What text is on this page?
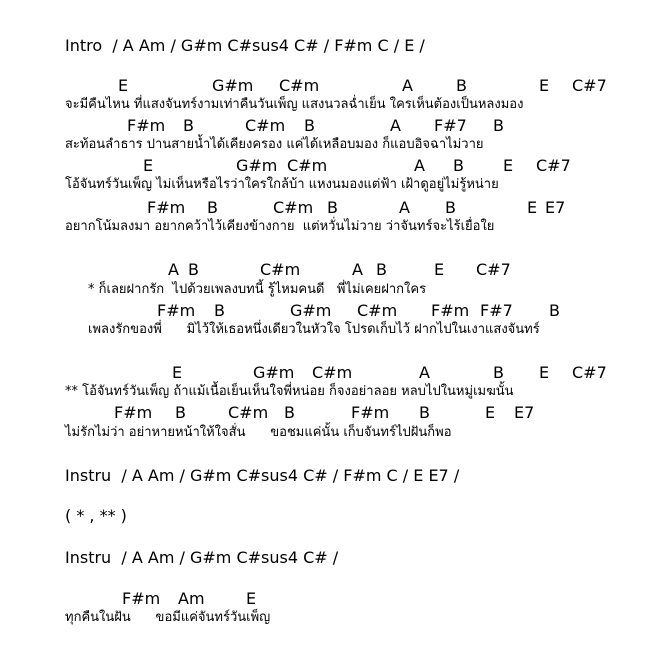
Intro  / A Am / G#m C#sus4 C# / F#m C / E /
E	G#m C#m	A	B	E C#7
จะมีคืนไหน ที่แสงจันทร์งามเท่าคืนวันเพ็ญ แสงนวลฉ่ำเย็น ใครเห็นต้องเป็นหลงมอง
F#m B	C#m B	A F#7 B
สะท้อนลำธาร ปานสายน้ำได้เคียงครอง แค่ได้เหลือบมอง ก็แอบอิจฉาไม่วาย
E	G#m C#m	A B E C#7
โอ้จันทร์วันเพ็ญ ไม่เห็นหรือไรว่าใครใกล้บ้า แหงนมองแต่ฟ้า เฝ้าดูอยู่ไม่รู้หน่าย
F#m B	C#m B	A B	E E7
อยากโน้มลงมา อยากคว้าไว้เคียงข้างกาย  แต่หวั่นไม่วาย ว่าจันทร์จะไร้เยื่อใย
A B	C#m	A B	E C#7
* ก็เลยฝากรัก  ไปด้วยเพลงบทนี้ รู้ไหมคนดี   พี่ไม่เคยฝากใคร
F#m B	G#m C#m F#m F#7 B
เพลงรักของพี่      มิไว้ให้เธอหนึ่งเดียวในหัวใจ โปรดเก็บไว้ ฝากไปในเงาแสงจันทร์
E	G#m C#m	A	B E C#7
** โอ้จันทร์วันเพ็ญ ถ้าแม้เนื้อเย็นเห็นใจพี่หน่อย ก็จงอย่าลอย หลบไปในหมู่เมฆนั้น
F#m B	C#m B	F#m B	E E7
ไม่รักไม่ว่า อย่าหายหน้าให้ใจสั่น      ขอชมแค่นั้น เก็บจันทร์ไปฝันก็พอ
Instru  / A Am / G#m C#sus4 C# / F#m C / E E7 /
( * , ** )
Instru  / A Am / G#m C#sus4 C# /
F#m Am	E
ทุกคืนในฝัน      ขอมีแค่จันทร์วันเพ็ญ
